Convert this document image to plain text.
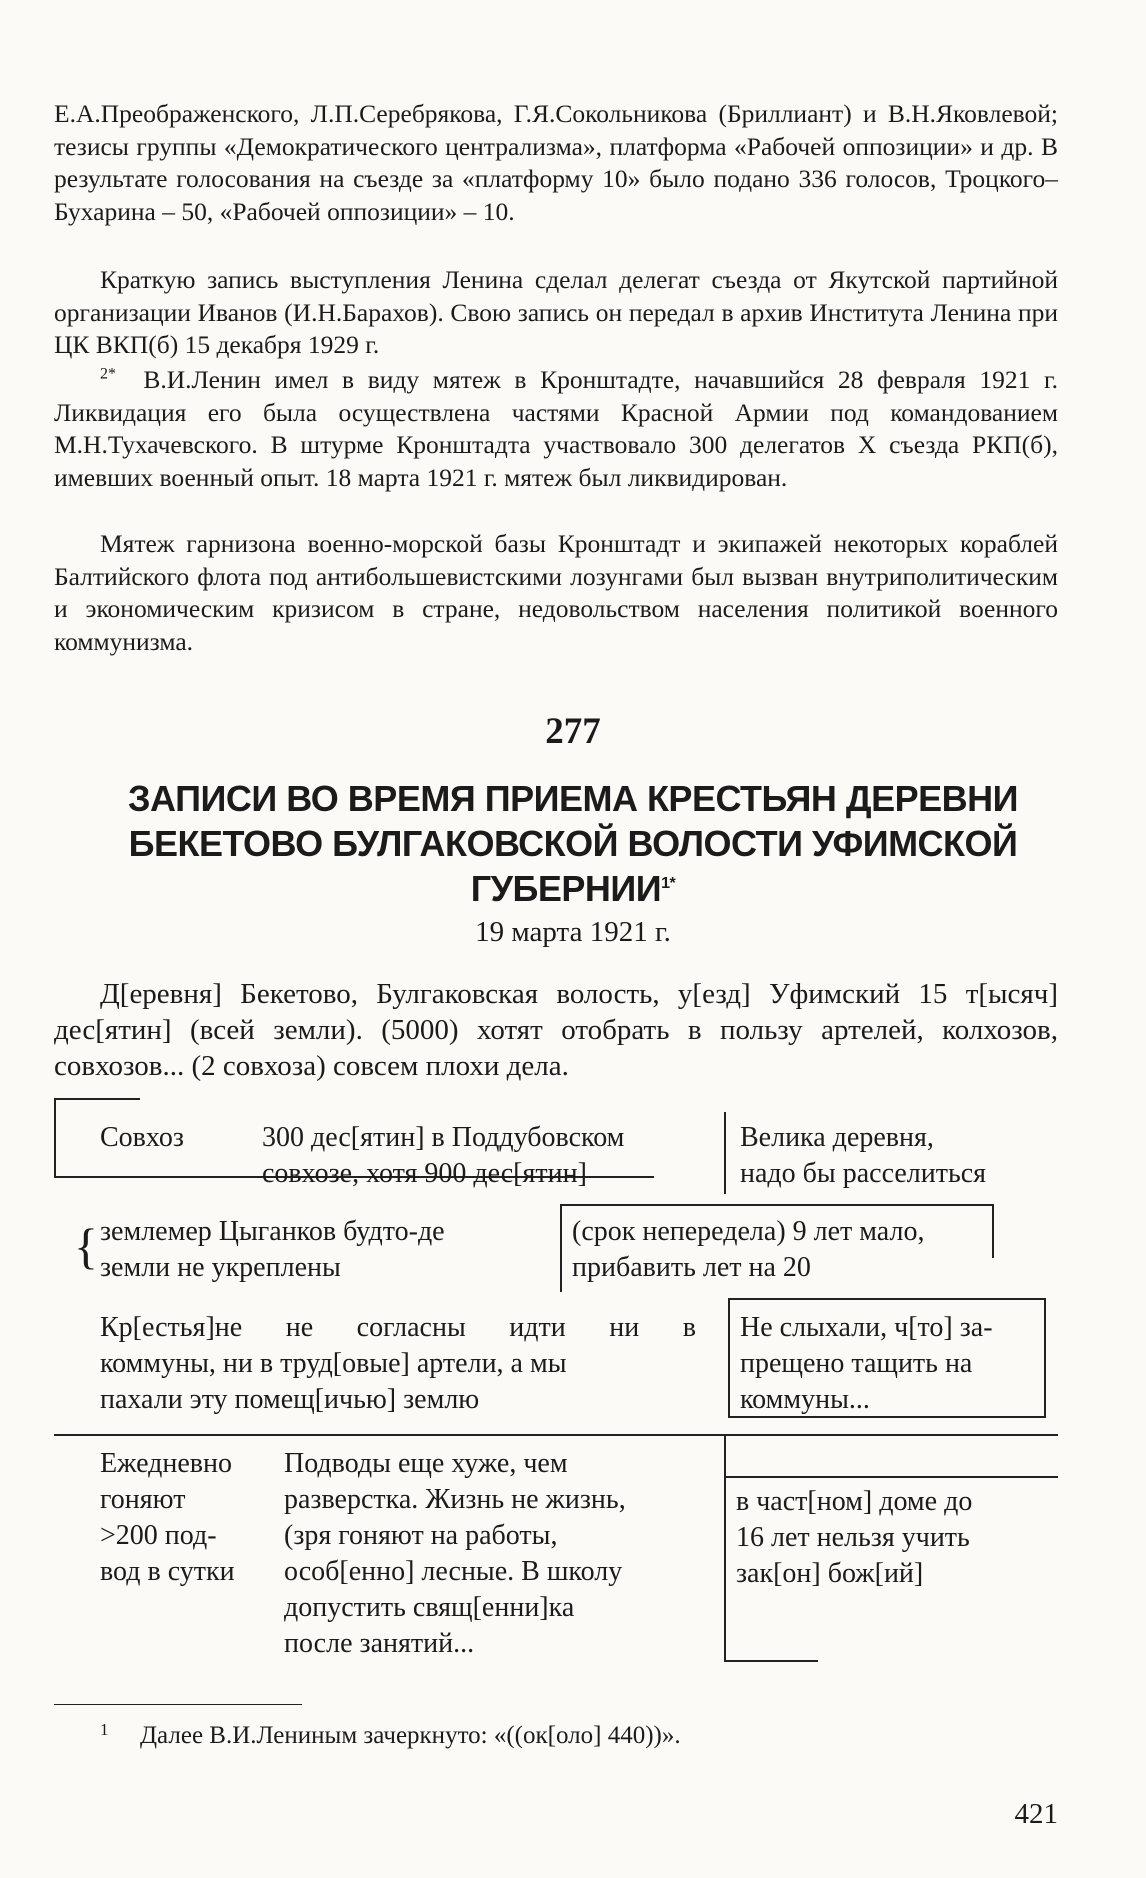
Е.А.Преображенского, Л.П.Серебрякова, Г.Я.Сокольникова (Бриллиант) и В.Н.Яковлевой; тезисы группы «Демократического централизма», платформа «Рабочей оппозиции» и др. В результате голосования на съезде за «платформу 10» было подано 336 голосов, Троцкого–Бухарина – 50, «Рабочей оппозиции» – 10.

Краткую запись выступления Ленина сделал делегат съезда от Якутской партийной организации Иванов (И.Н.Барахов). Свою запись он передал в архив Института Ленина при ЦК ВКП(б) 15 декабря 1929 г.

$^{2*}$ В.И.Ленин имел в виду мятеж в Кронштадте, начавшийся 28 февраля 1921 г. Ликвидация его была осуществлена частями Красной Армии под командованием М.Н.Тухачевского. В штурме Кронштадта участвовало 300 делегатов X съезда РКП(б), имевших военный опыт. 18 марта 1921 г. мятеж был ликвидирован.

Мятеж гарнизона военно-морской базы Кронштадт и экипажей некоторых кораблей Балтийского флота под антибольшевистскими лозунгами был вызван внутриполитическим и экономическим кризисом в стране, недовольством населения политикой военного коммунизма.

277

ЗАПИСИ ВО ВРЕМЯ ПРИЕМА КРЕСТЬЯН ДЕРЕВНИ БЕКЕТОВО БУЛГАКОВСКОЙ ВОЛОСТИ УФИМСКОЙ $ГУБЕРНИИ^{1*}$

19 марта 1921 г.

Д[еревня] Бекетово, Булгаковская волость, у[езд] Уфимский 15 т[ысяч] дес[ятин] (всей земли). (5000) хотят отобрать в пользу артелей, колхозов, совхозов... (2 совхоза) совсем плохи дела.

Совхоз	300 дес[ятин] в Поддубовском
совхозе, хотя 900 дес[ятин]
Велика деревня,
надо бы расселиться
{ землемер Цыганков будто-де
земли не укреплены
(срок непередела) 9 лет мало,
прибавить лет на 20
Кр[естья]не не согласны идти ни в
коммуны, ни в труд[овые] артели, а мы
пахали эту помещ[ичью] землю
Не слыхали, ч[то] за-
прещено тащить на
коммуны...
Ежедневно
гоняют
>200 под-
вод в сутки
Подводы еще хуже, чем
разверстка. Жизнь не жизнь,
(зря гоняют на работы,
особ[енно] лесные. В школу
допустить свящ[енни]ка
после занятий...
в част[ном] доме до
16 лет нельзя учить
зак[он] бож[ий]
1 Далее В.И.Лениным зачеркнуто: «((ок[оло] 440))».
421
